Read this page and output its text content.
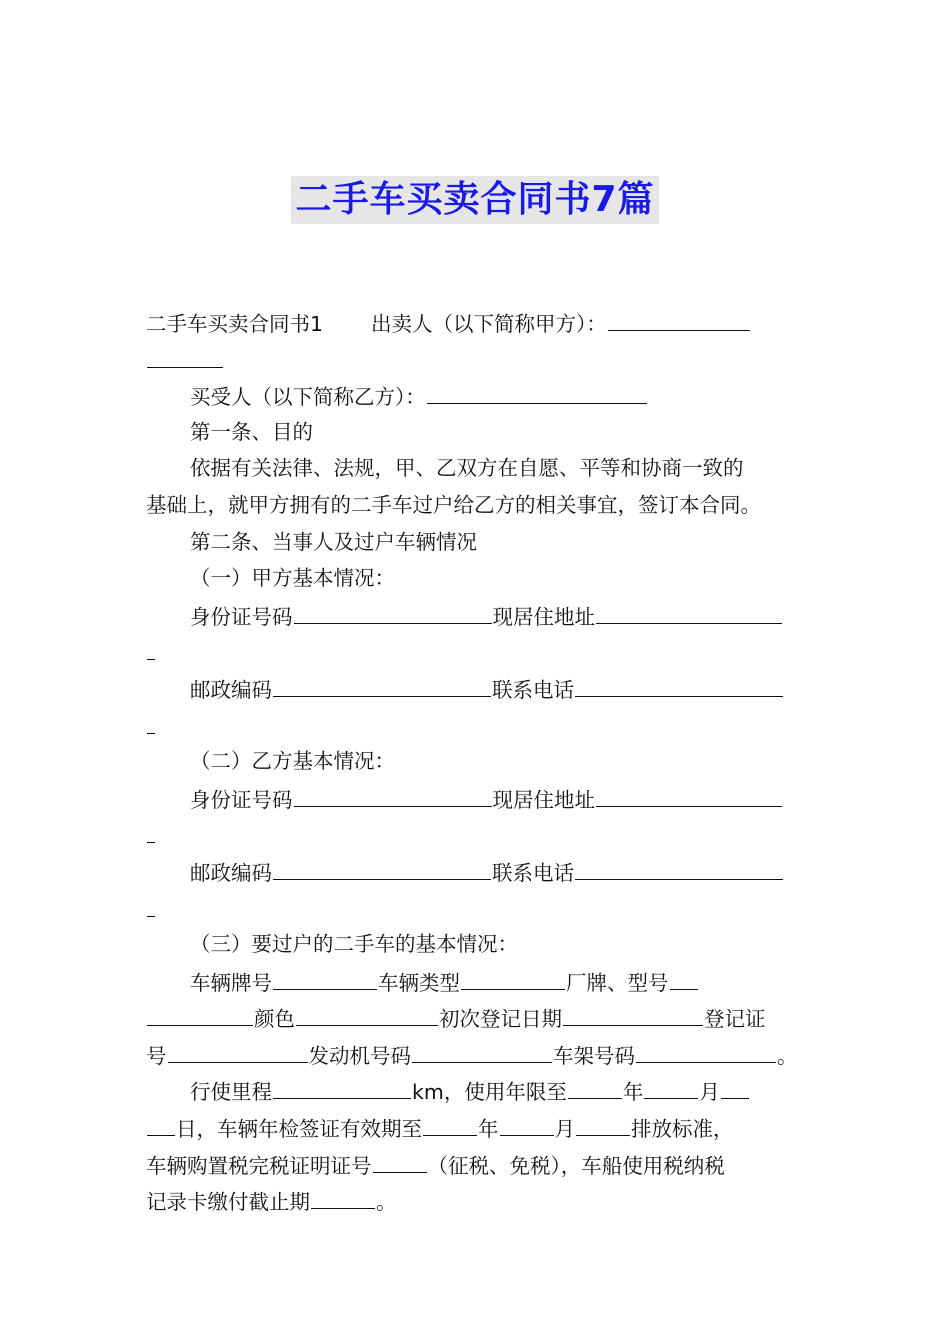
二手车买卖合同书7篇
二手车买卖合同书1 出卖人（以下简称甲方）：
买受人（以下简称乙方）：
第一条、目的
依据有关法律、法规，甲、乙双方在自愿、平等和协商一致的
基础上，就甲方拥有的二手车过户给乙方的相关事宜，签订本合同。
第二条、当事人及过户车辆情况
（一）甲方基本情况：
身份证号码	现居住地址
邮政编码	联系电话
（二）乙方基本情况：
身份证号码	现居住地址
邮政编码	联系电话
（三）要过户的二手车的基本情况：
车辆牌号	车辆类型	厂牌、型号
颜色	初次登记日期	登记证
号	发动机号码	车架号码	。
行使里程	km，使用年限至	年	月
日，车辆年检签证有效期至	年	月	排放标准，
车辆购置税完税证明证号	（征税、免税），车船使用税纳税
记录卡缴付截止期	。
